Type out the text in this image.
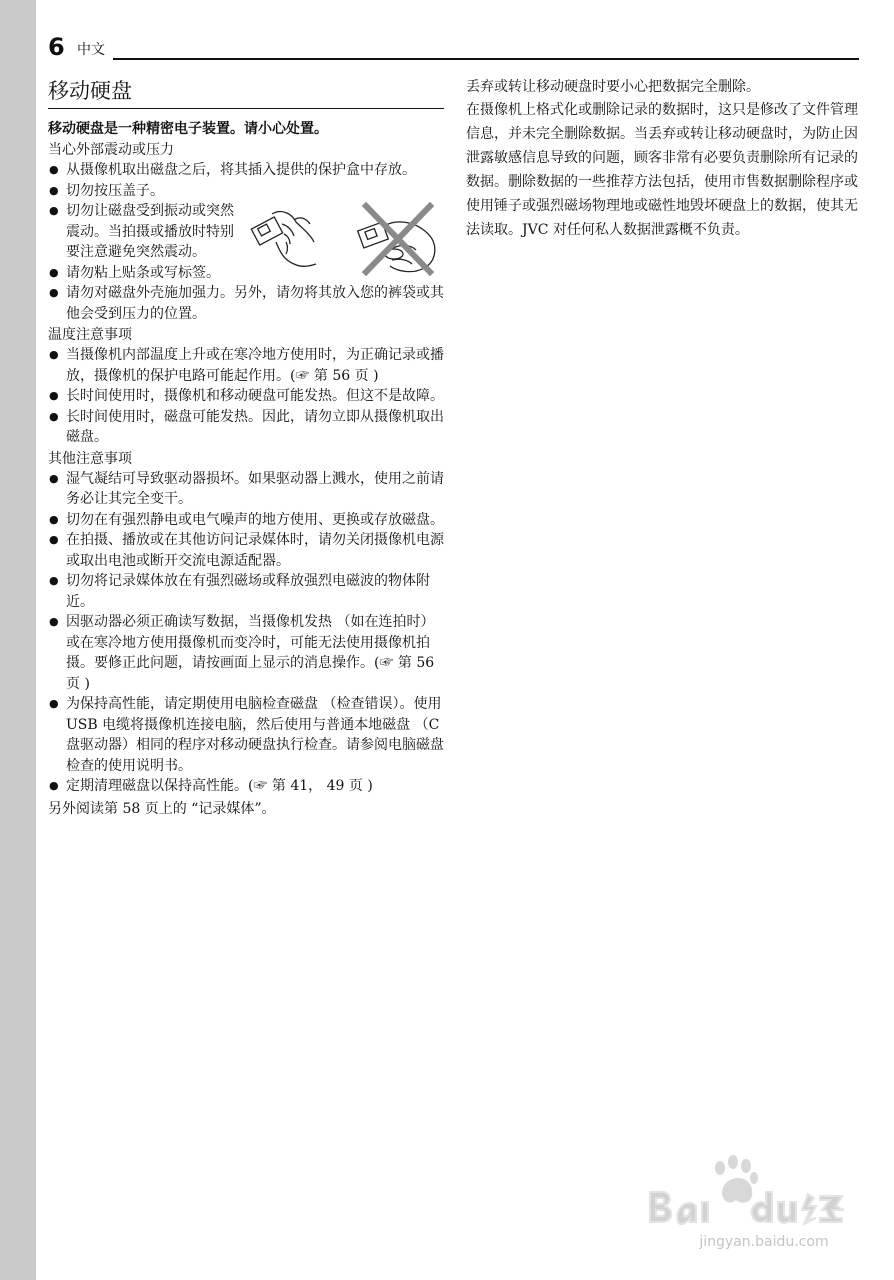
6 中文
移动硬盘
移动硬盘是一种精密电子装置。请小心处置。
当心外部震动或压力
● 从摄像机取出磁盘之后，将其插入提供的保护盒中存放。
● 切勿按压盖子。
● 切勿让磁盘受到振动或突然震动。当拍摄或播放时特别要注意避免突然震动。
● 请勿粘上贴条或写标签。
● 请勿对磁盘外壳施加强力。另外，请勿将其放入您的裤袋或其他会受到压力的位置。
温度注意事项
● 当摄像机内部温度上升或在寒冷地方使用时，为正确记录或播放，摄像机的保护电路可能起作用。(☞ 第 56 页 )
● 长时间使用时，摄像机和移动硬盘可能发热。但这不是故障。
● 长时间使用时，磁盘可能发热。因此，请勿立即从摄像机取出磁盘。
其他注意事项
● 湿气凝结可导致驱动器损坏。如果驱动器上溅水，使用之前请务必让其完全变干。
● 切勿在有强烈静电或电气噪声的地方使用、更换或存放磁盘。
● 在拍摄、播放或在其他访问记录媒体时，请勿关闭摄像机电源或取出电池或断开交流电源适配器。
● 切勿将记录媒体放在有强烈磁场或释放强烈电磁波的物体附近。
● 因驱动器必须正确读写数据，当摄像机发热 （如在连拍时）或在寒冷地方使用摄像机而变冷时，可能无法使用摄像机拍摄。要修正此问题，请按画面上显示的消息操作。(☞ 第 56 页 )
● 为保持高性能，请定期使用电脑检查磁盘 （检查错误）。使用 USB 电缆将摄像机连接电脑，然后使用与普通本地磁盘 （C 盘驱动器）相同的程序对移动硬盘执行检查。请参阅电脑磁盘检查的使用说明书。
● 定期清理磁盘以保持高性能。(☞ 第 41， 49 页 )
另外阅读第 58 页上的 “记录媒体”。
丢弃或转让移动硬盘时要小心把数据完全删除。
在摄像机上格式化或删除记录的数据时，这只是修改了文件管理信息，并未完全删除数据。当丢弃或转让移动硬盘时，为防止因泄露敏感信息导致的问题，顾客非常有必要负责删除所有记录的数据。删除数据的一些推荐方法包括，使用市售数据删除程序或使用锤子或强烈磁场物理地或磁性地毁坏硬盘上的数据，使其无法读取。JVC 对任何私人数据泄露概不负责。
jingyan.baidu.com
